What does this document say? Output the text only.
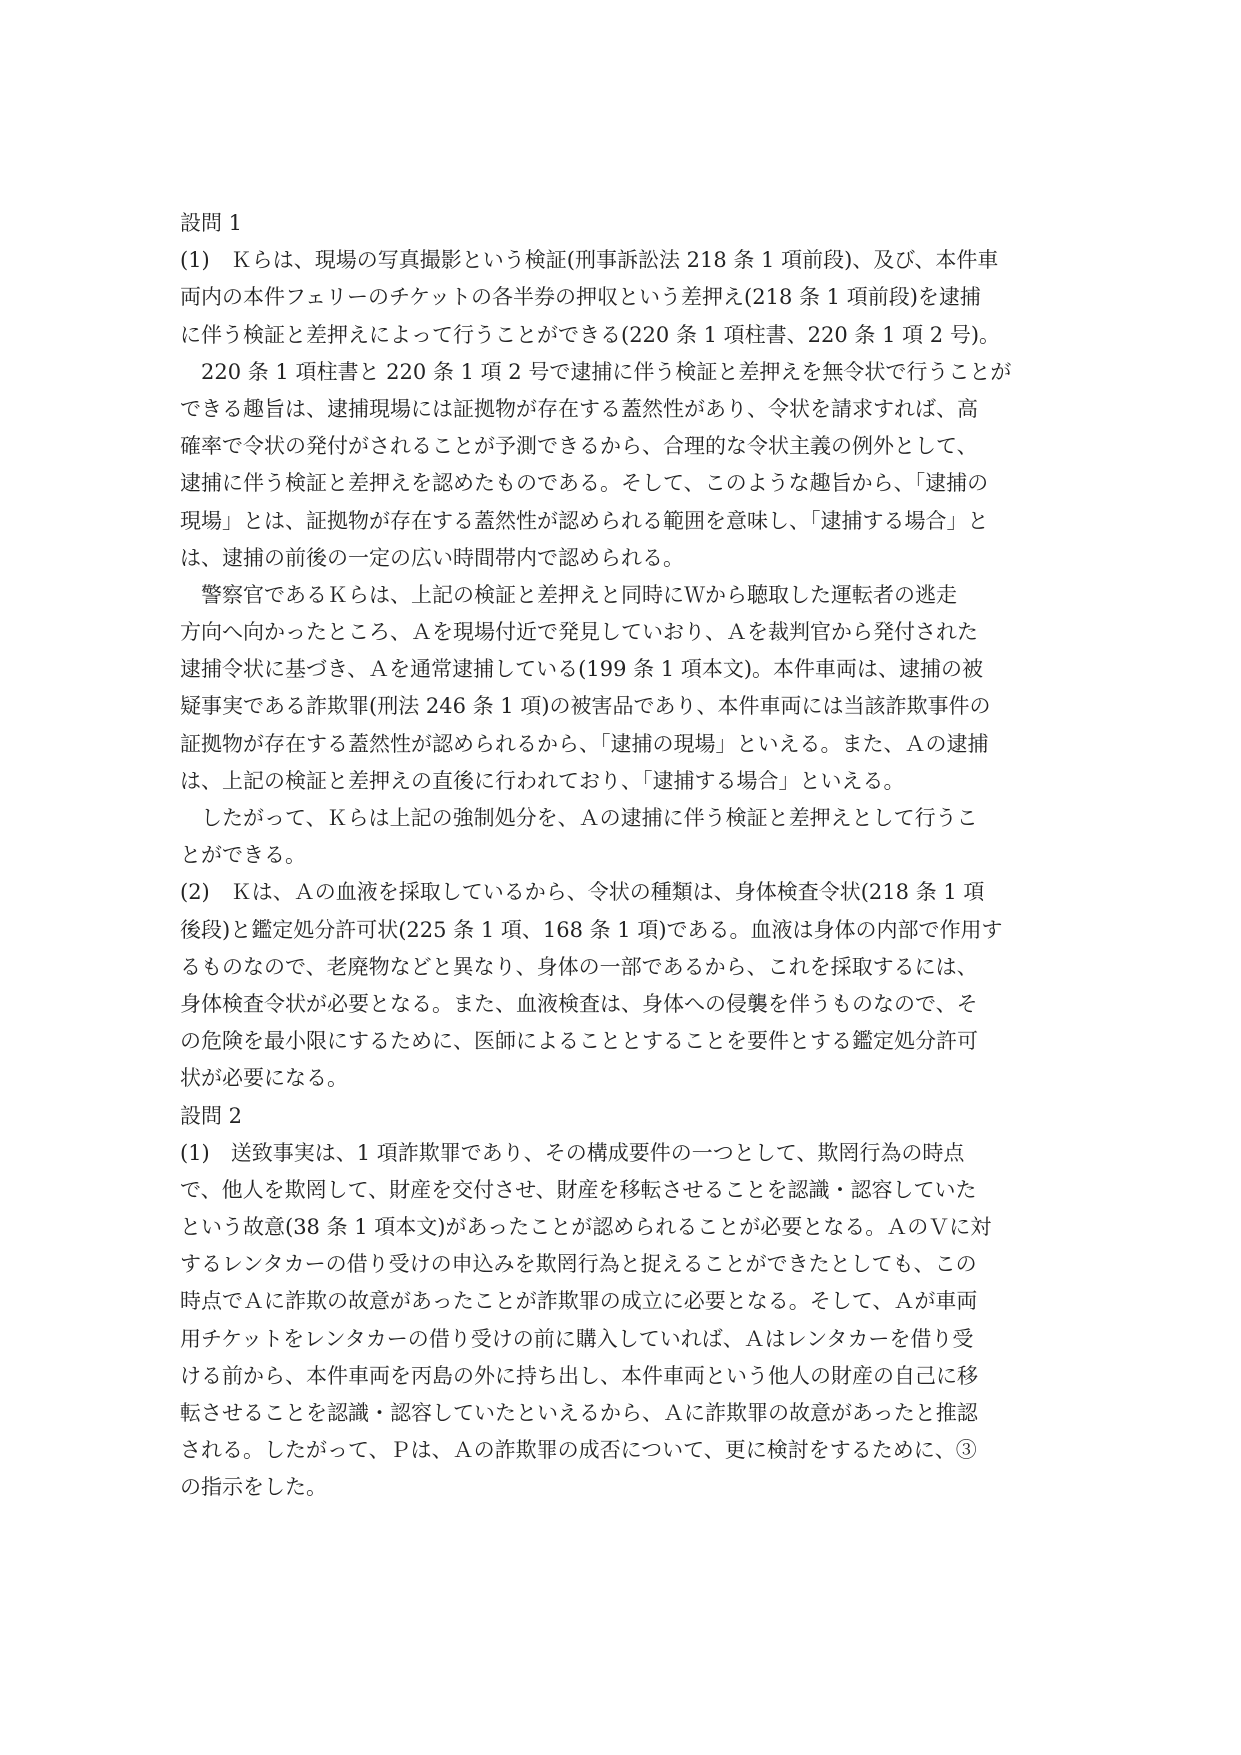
設問 1
(1)　Ｋらは、現場の写真撮影という検証(刑事訴訟法 218 条 1 項前段)、及び、本件車
両内の本件フェリーのチケットの各半券の押収という差押え(218 条 1 項前段)を逮捕
に伴う検証と差押えによって行うことができる(220 条 1 項柱書、220 条 1 項 2 号)。
220 条 1 項柱書と 220 条 1 項 2 号で逮捕に伴う検証と差押えを無令状で行うことが
できる趣旨は、逮捕現場には証拠物が存在する蓋然性があり、令状を請求すれば、高
確率で令状の発付がされることが予測できるから、合理的な令状主義の例外として、
逮捕に伴う検証と差押えを認めたものである。そして、このような趣旨から、「逮捕の
現場」とは、証拠物が存在する蓋然性が認められる範囲を意味し、「逮捕する場合」と
は、逮捕の前後の一定の広い時間帯内で認められる。
警察官であるＫらは、上記の検証と差押えと同時にＷから聴取した運転者の逃走
方向へ向かったところ、Ａを現場付近で発見していおり、Ａを裁判官から発付された
逮捕令状に基づき、Ａを通常逮捕している(199 条 1 項本文)。本件車両は、逮捕の被
疑事実である詐欺罪(刑法 246 条 1 項)の被害品であり、本件車両には当該詐欺事件の
証拠物が存在する蓋然性が認められるから、「逮捕の現場」といえる。また、Ａの逮捕
は、上記の検証と差押えの直後に行われており、「逮捕する場合」といえる。
したがって、Ｋらは上記の強制処分を、Ａの逮捕に伴う検証と差押えとして行うこ
とができる。
(2)　Ｋは、Ａの血液を採取しているから、令状の種類は、身体検査令状(218 条 1 項
後段)と鑑定処分許可状(225 条 1 項、168 条 1 項)である。血液は身体の内部で作用す
るものなので、老廃物などと異なり、身体の一部であるから、これを採取するには、
身体検査令状が必要となる。また、血液検査は、身体への侵襲を伴うものなので、そ
の危険を最小限にするために、医師によることとすることを要件とする鑑定処分許可
状が必要になる。
設問 2
(1)　送致事実は、1 項詐欺罪であり、その構成要件の一つとして、欺罔行為の時点
で、他人を欺罔して、財産を交付させ、財産を移転させることを認識・認容していた
という故意(38 条 1 項本文)があったことが認められることが必要となる。ＡのＶに対
するレンタカーの借り受けの申込みを欺罔行為と捉えることができたとしても、この
時点でＡに詐欺の故意があったことが詐欺罪の成立に必要となる。そして、Ａが車両
用チケットをレンタカーの借り受けの前に購入していれば、Ａはレンタカーを借り受
ける前から、本件車両を丙島の外に持ち出し、本件車両という他人の財産の自己に移
転させることを認識・認容していたといえるから、Ａに詐欺罪の故意があったと推認
される。したがって、Ｐは、Ａの詐欺罪の成否について、更に検討をするために、③
の指示をした。
